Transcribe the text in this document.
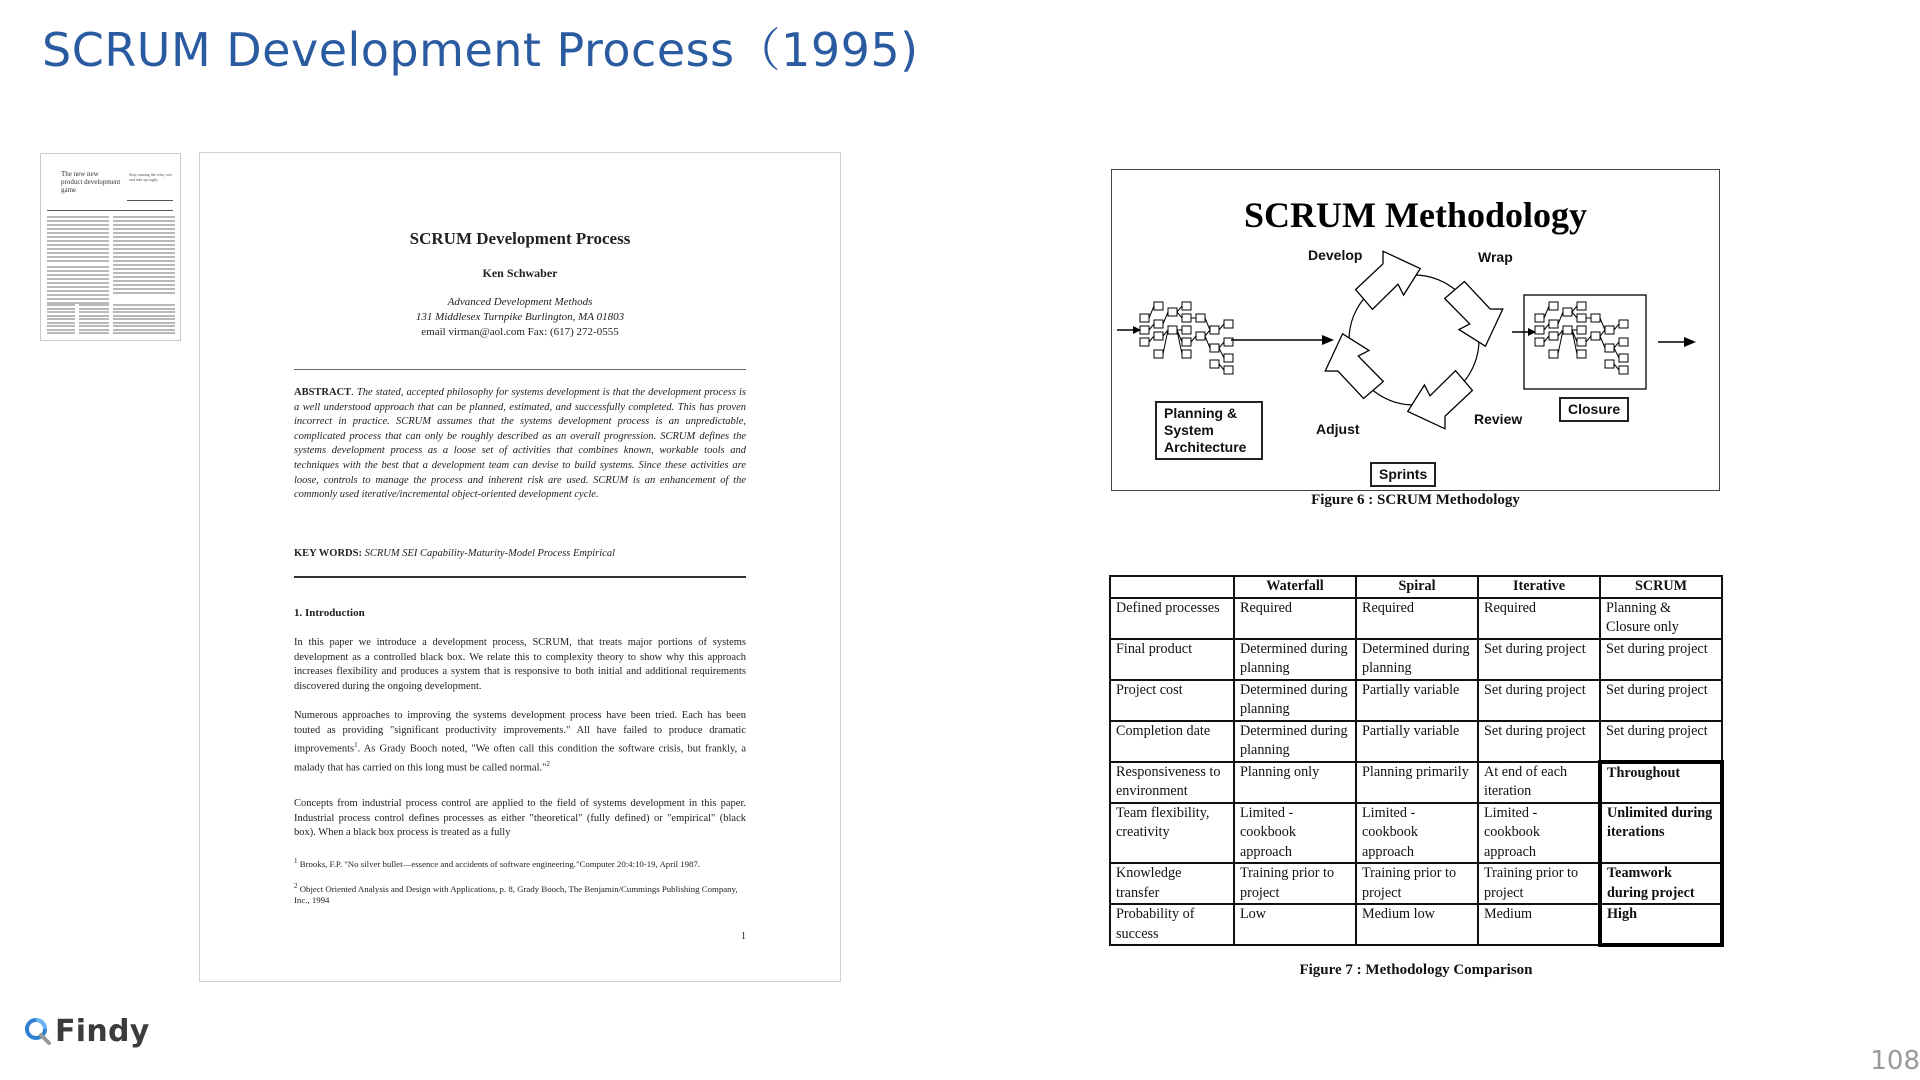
SCRUM Development Process（1995)
The new new product development game
Stop running the relay race and take up rugby
SCRUM Development Process
Ken Schwaber
Advanced Development Methods
131 Middlesex Turnpike Burlington, MA 01803
email virman@aol.com Fax: (617) 272-0555
ABSTRACT. The stated, accepted philosophy for systems development is that the development process is a well understood approach that can be planned, estimated, and successfully completed. This has proven incorrect in practice. SCRUM assumes that the systems development process is an unpredictable, complicated process that can only be roughly described as an overall progression. SCRUM defines the systems development process as a loose set of activities that combines known, workable tools and techniques with the best that a development team can devise to build systems. Since these activities are loose, controls to manage the process and inherent risk are used. SCRUM is an enhancement of the commonly used iterative/incremental object-oriented development cycle.
KEY WORDS: SCRUM SEI Capability-Maturity-Model Process Empirical
1. Introduction
In this paper we introduce a development process, SCRUM, that treats major portions of systems development as a controlled black box. We relate this to complexity theory to show why this approach increases flexibility and produces a system that is responsive to both initial and additional requirements discovered during the ongoing development.
Numerous approaches to improving the systems development process have been tried. Each has been touted as providing "significant productivity improvements." All have failed to produce dramatic improvements$^1$. As Grady Booch noted, "We often call this condition the software crisis, but frankly, a malady that has carried on this long must be called normal."$^2$
Concepts from industrial process control are applied to the field of systems development in this paper. Industrial process control defines processes as either "theoretical" (fully defined) or "empirical" (black box). When a black box process is treated as a fully
$^1$ Brooks, F.P. "No silver bullet—essence and accidents of software engineering."Computer 20:4:10-19, April 1987.
$^2$ Object Oriented Analysis and Design with Applications, p. 8, Grady Booch, The Benjamin/Cummings Publishing Company, Inc., 1994
1
SCRUM Methodology
Develop	Wrap
Adjust
Review
Planning & System Architecture
Closure
Sprints
Figure 6 : SCRUM Methodology
	Waterfall	Spiral	Iterative	SCRUM
Defined processes	Required	Required	Required	Planning & Closure only
Final product	Determined during planning	Determined during planning	Set during project	Set during project
Project cost	Determined during planning	Partially variable	Set during project	Set during project
Completion date	Determined during planning	Partially variable	Set during project	Set during project
Responsiveness to environment	Planning only	Planning primarily	At end of each iteration	Throughout
Team flexibility, creativity	Limited - cookbook approach	Limited - cookbook approach	Limited - cookbook approach	Unlimited during iterations
Knowledge transfer	Training prior to project	Training prior to project	Training prior to project	Teamwork during project
Probability of success	Low	Medium low	Medium	High
Figure 7 : Methodology Comparison
Findy
108
